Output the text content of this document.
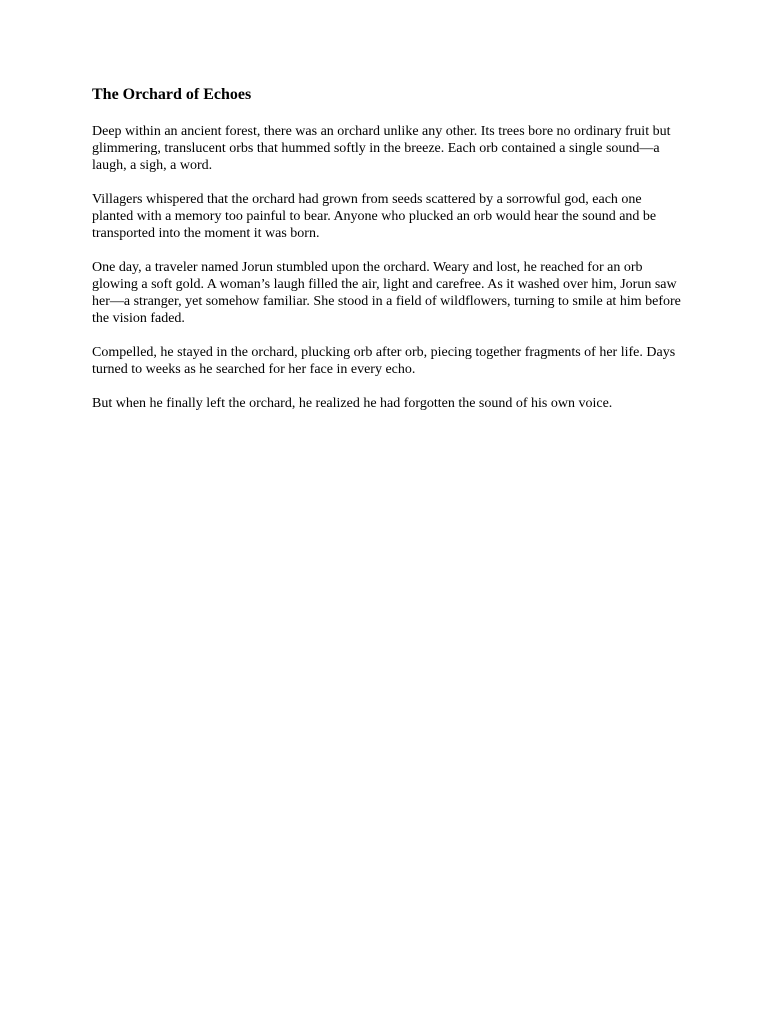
The Orchard of Echoes

Deep within an ancient forest, there was an orchard unlike any other. Its trees bore no ordinary fruit but glimmering, translucent orbs that hummed softly in the breeze. Each orb contained a single sound—a laugh, a sigh, a word.

Villagers whispered that the orchard had grown from seeds scattered by a sorrowful god, each one planted with a memory too painful to bear. Anyone who plucked an orb would hear the sound and be transported into the moment it was born.

One day, a traveler named Jorun stumbled upon the orchard. Weary and lost, he reached for an orb glowing a soft gold. A woman’s laugh filled the air, light and carefree. As it washed over him, Jorun saw her—a stranger, yet somehow familiar. She stood in a field of wildflowers, turning to smile at him before the vision faded.

Compelled, he stayed in the orchard, plucking orb after orb, piecing together fragments of her life. Days turned to weeks as he searched for her face in every echo.

But when he finally left the orchard, he realized he had forgotten the sound of his own voice.
